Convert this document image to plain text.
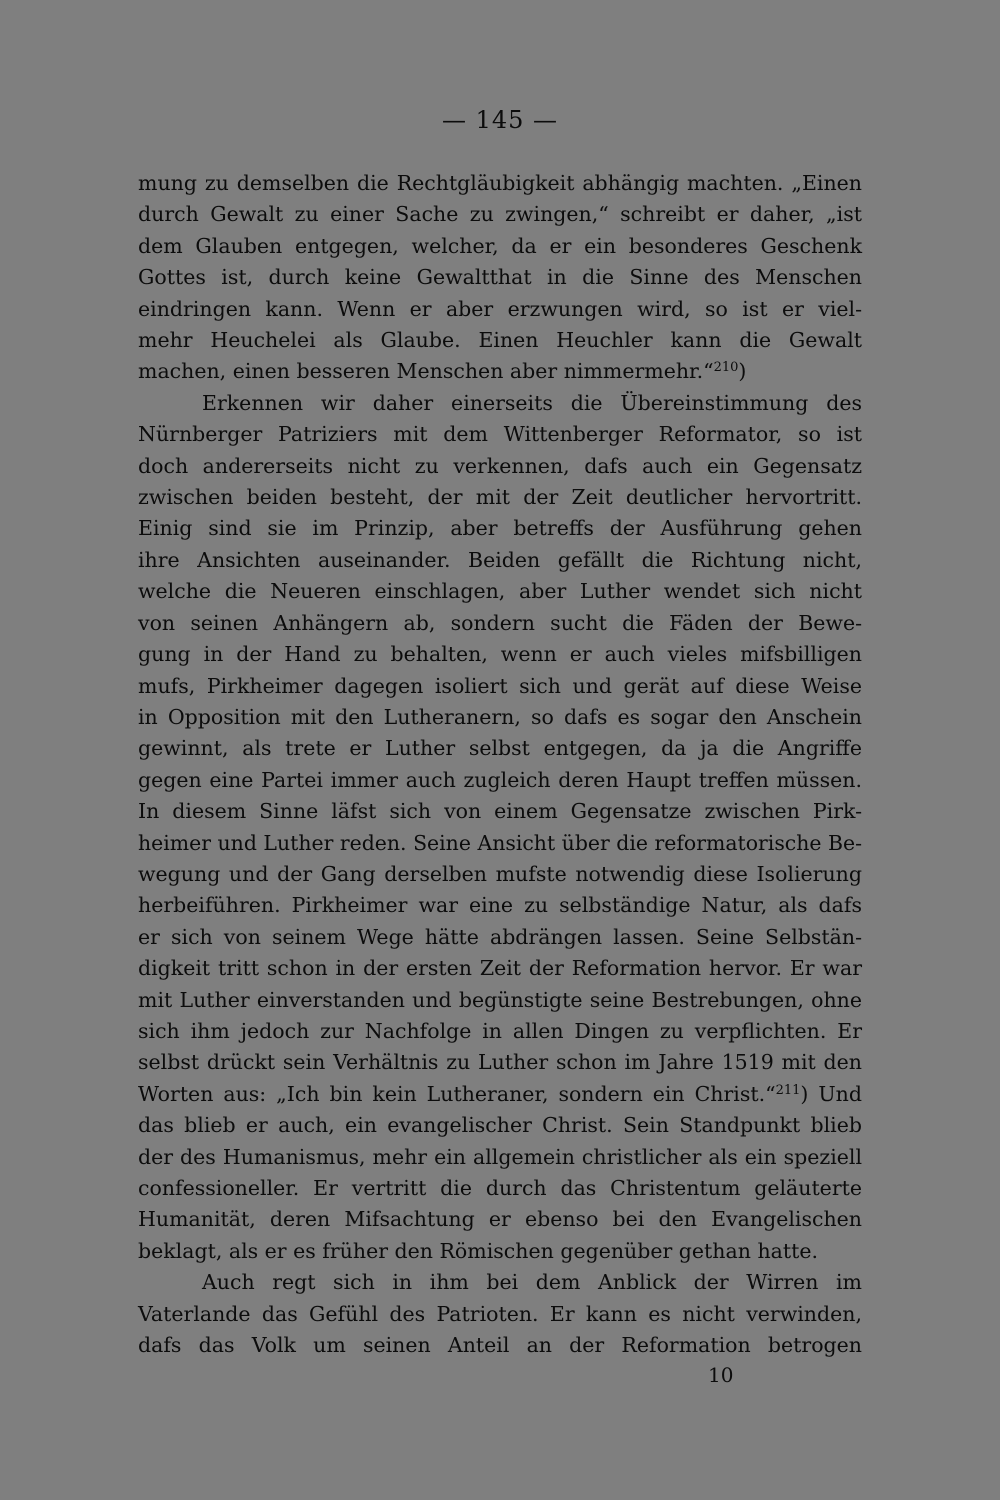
— 145 —
mung zu demselben die Rechtgläubigkeit abhängig machten. „Einen
durch Gewalt zu einer Sache zu zwingen,“ schreibt er daher, „ist
dem Glauben entgegen, welcher, da er ein besonderes Geschenk
Gottes ist, durch keine Gewaltthat in die Sinne des Menschen
eindringen kann. Wenn er aber erzwungen wird, so ist er viel-
mehr Heuchelei als Glaube. Einen Heuchler kann die Gewalt
machen, einen besseren Menschen aber nimmermehr.“$^{210}$)
Erkennen wir daher einerseits die Übereinstimmung des
Nürnberger Patriziers mit dem Wittenberger Reformator, so ist
doch andererseits nicht zu verkennen, dafs auch ein Gegensatz
zwischen beiden besteht, der mit der Zeit deutlicher hervortritt.
Einig sind sie im Prinzip, aber betreffs der Ausführung gehen
ihre Ansichten auseinander. Beiden gefällt die Richtung nicht,
welche die Neueren einschlagen, aber Luther wendet sich nicht
von seinen Anhängern ab, sondern sucht die Fäden der Bewe-
gung in der Hand zu behalten, wenn er auch vieles mifsbilligen
mufs, Pirkheimer dagegen isoliert sich und gerät auf diese Weise
in Opposition mit den Lutheranern, so dafs es sogar den Anschein
gewinnt, als trete er Luther selbst entgegen, da ja die Angriffe
gegen eine Partei immer auch zugleich deren Haupt treffen müssen.
In diesem Sinne läfst sich von einem Gegensatze zwischen Pirk-
heimer und Luther reden. Seine Ansicht über die reformatorische Be-
wegung und der Gang derselben mufste notwendig diese Isolierung
herbeiführen. Pirkheimer war eine zu selbständige Natur, als dafs
er sich von seinem Wege hätte abdrängen lassen. Seine Selbstän-
digkeit tritt schon in der ersten Zeit der Reformation hervor. Er war
mit Luther einverstanden und begünstigte seine Bestrebungen, ohne
sich ihm jedoch zur Nachfolge in allen Dingen zu verpflichten. Er
selbst drückt sein Verhältnis zu Luther schon im Jahre 1519 mit den
Worten aus: „Ich bin kein Lutheraner, sondern ein Christ.“$^{211}$) Und
das blieb er auch, ein evangelischer Christ. Sein Standpunkt blieb
der des Humanismus, mehr ein allgemein christlicher als ein speziell
confessioneller. Er vertritt die durch das Christentum geläuterte
Humanität, deren Mifsachtung er ebenso bei den Evangelischen
beklagt, als er es früher den Römischen gegenüber gethan hatte.
Auch regt sich in ihm bei dem Anblick der Wirren im
Vaterlande das Gefühl des Patrioten. Er kann es nicht verwinden,
dafs das Volk um seinen Anteil an der Reformation betrogen
10
